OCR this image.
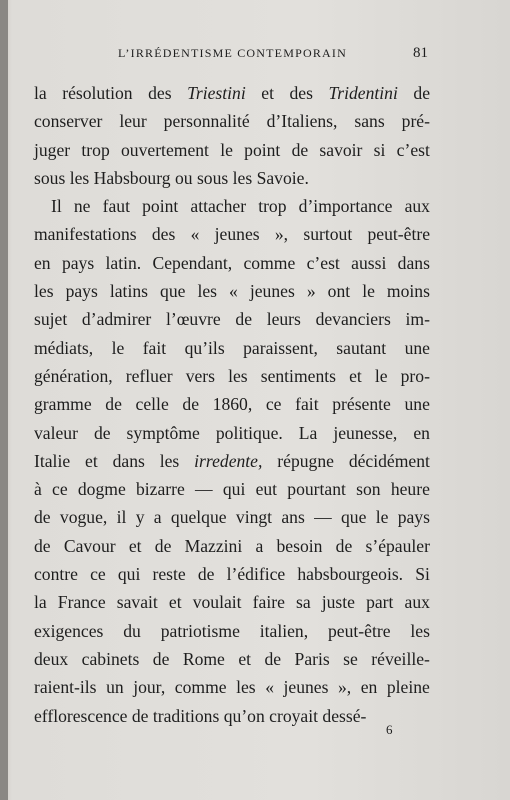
L’IRRÉDENTISME CONTEMPORAIN	81
la résolution des Triestini et des Tridentini de
conserver leur personnalité d’Italiens, sans pré-
juger trop ouvertement le point de savoir si c’est
sous les Habsbourg ou sous les Savoie.
Il ne faut point attacher trop d’importance aux
manifestations des « jeunes », surtout peut-être
en pays latin. Cependant, comme c’est aussi dans
les pays latins que les « jeunes » ont le moins
sujet d’admirer l’œuvre de leurs devanciers im-
médiats, le fait qu’ils paraissent, sautant une
génération, refluer vers les sentiments et le pro-
gramme de celle de 1860, ce fait présente une
valeur de symptôme politique. La jeunesse, en
Italie et dans les irredente, répugne décidément
à ce dogme bizarre — qui eut pourtant son heure
de vogue, il y a quelque vingt ans — que le pays
de Cavour et de Mazzini a besoin de s’épauler
contre ce qui reste de l’édifice habsbourgeois. Si
la France savait et voulait faire sa juste part aux
exigences du patriotisme italien, peut-être les
deux cabinets de Rome et de Paris se réveille-
raient-ils un jour, comme les « jeunes », en pleine
efflorescence de traditions qu’on croyait dessé-
6
